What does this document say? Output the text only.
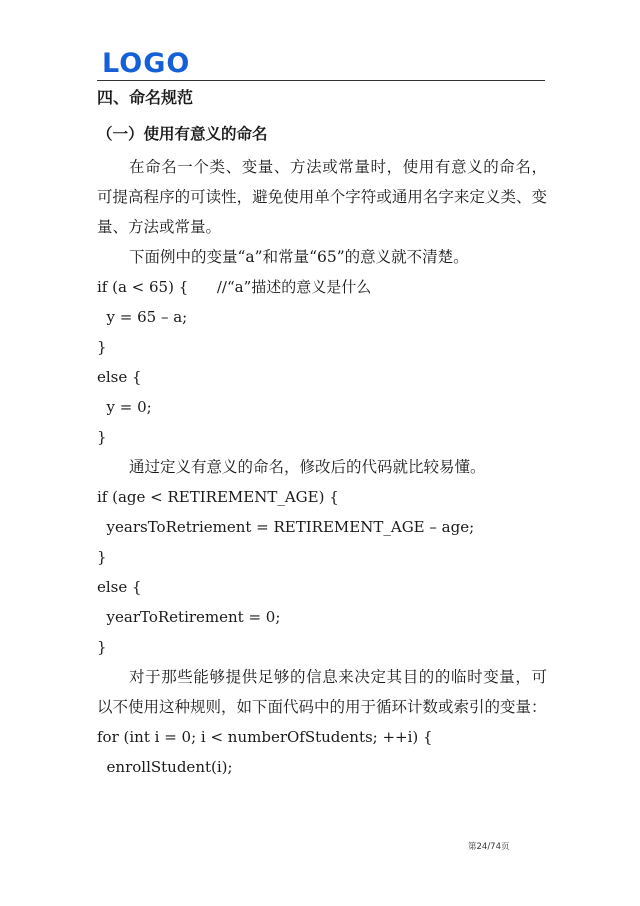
LOGO
四、命名规范
（一）使用有意义的命名

在命名一个类、变量、方法或常量时，使用有意义的命名，可提高程序的可读性，避免使用单个字符或通用名字来定义类、变量、方法或常量。

下面例中的变量“a”和常量“65”的意义就不清楚。

if (a < 65) {      //“a”描述的意义是什么
y = 65 – a;
}
else {
y = 0;
}

通过定义有意义的命名，修改后的代码就比较易懂。

if (age < RETIREMENT_AGE) {
yearsToRetriement = RETIREMENT_AGE – age;
}
else {
yearToRetirement = 0;
}

对于那些能够提供足够的信息来决定其目的的临时变量，可以不使用这种规则，如下面代码中的用于循环计数或索引的变量：

for (int i = 0; i < numberOfStudents; ++i) {
enrollStudent(i);
第24/74页
